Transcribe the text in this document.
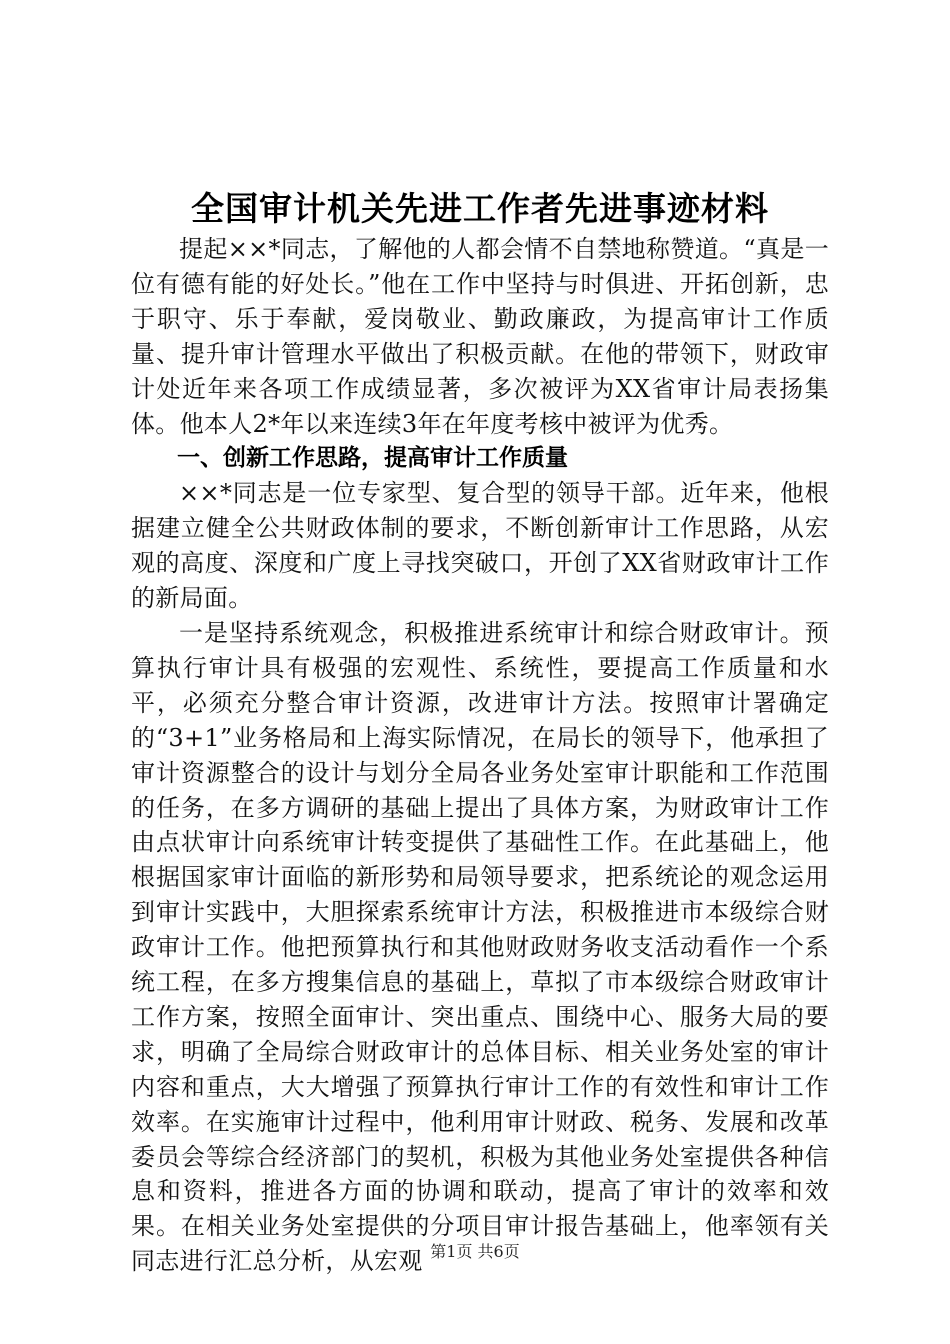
全国审计机关先进工作者先进事迹材料

提起××*同志，了解他的人都会情不自禁地称赞道。“真是一位有德有能的好处长。”他在工作中坚持与时俱进、开拓创新，忠于职守、乐于奉献，爱岗敬业、勤政廉政，为提高审计工作质量、提升审计管理水平做出了积极贡献。在他的带领下，财政审计处近年来各项工作成绩显著，多次被评为XX省审计局表扬集体。他本人2*年以来连续3年在年度考核中被评为优秀。

一、创新工作思路，提高审计工作质量

××*同志是一位专家型、复合型的领导干部。近年来，他根据建立健全公共财政体制的要求，不断创新审计工作思路，从宏观的高度、深度和广度上寻找突破口，开创了XX省财政审计工作的新局面。

一是坚持系统观念，积极推进系统审计和综合财政审计。预算执行审计具有极强的宏观性、系统性，要提高工作质量和水平，必须充分整合审计资源，改进审计方法。按照审计署确定的“3+1”业务格局和上海实际情况，在局长的领导下，他承担了审计资源整合的设计与划分全局各业务处室审计职能和工作范围的任务，在多方调研的基础上提出了具体方案，为财政审计工作由点状审计向系统审计转变提供了基础性工作。在此基础上，他根据国家审计面临的新形势和局领导要求，把系统论的观念运用到审计实践中，大胆探索系统审计方法，积极推进市本级综合财政审计工作。他把预算执行和其他财政财务收支活动看作一个系统工程，在多方搜集信息的基础上，草拟了市本级综合财政审计工作方案，按照全面审计、突出重点、围绕中心、服务大局的要求，明确了全局综合财政审计的总体目标、相关业务处室的审计内容和重点，大大增强了预算执行审计工作的有效性和审计工作效率。在实施审计过程中，他利用审计财政、税务、发展和改革委员会等综合经济部门的契机，积极为其他业务处室提供各种信息和资料，推进各方面的协调和联动，提高了审计的效率和效果。在相关业务处室提供的分项目审计报告基础上，他率领有关同志进行汇总分析，从宏观 第1页 共6页
